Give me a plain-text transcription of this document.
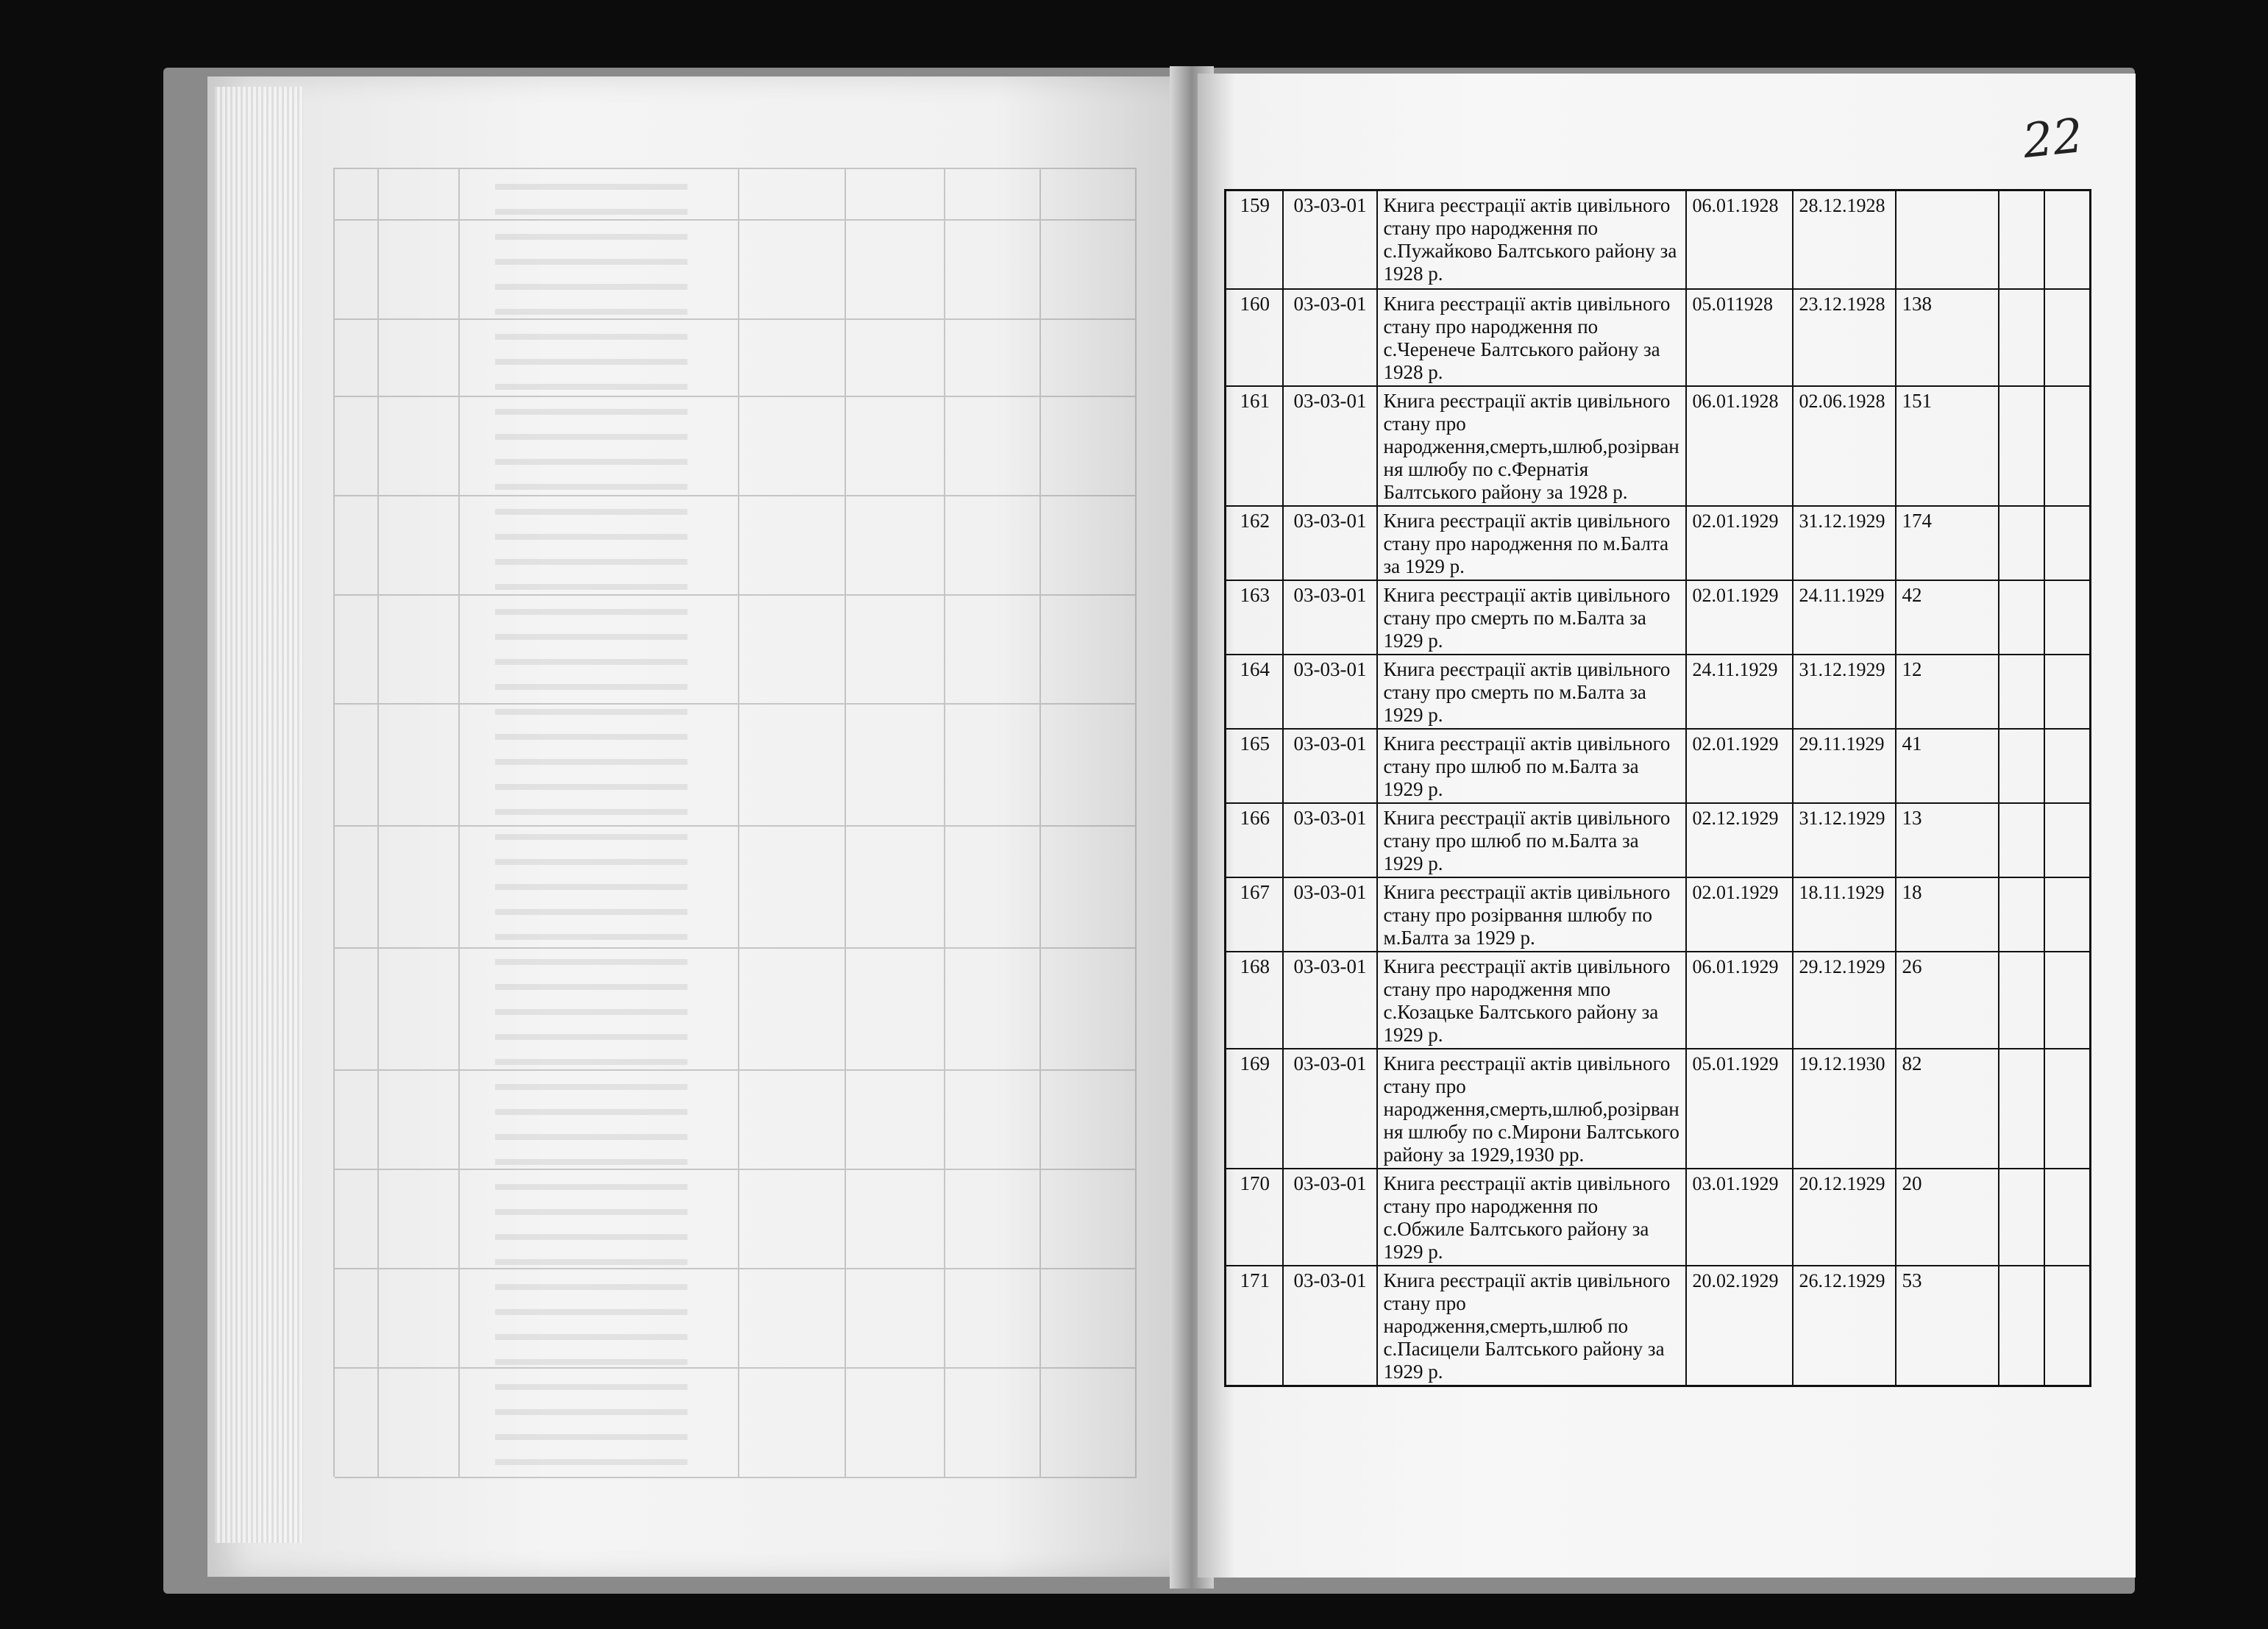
22
159	03-03-01	Книга реєстрації актів цивільного стану про народження по с.Пужайково Балтського району за 1928 р.	06.01.1928	28.12.1928			
160	03-03-01	Книга реєстрації актів цивільного стану про народження по с.Черенече Балтського району за 1928 р.	05.011928	23.12.1928	138		
161	03-03-01	Книга реєстрації актів цивільного стану про народження,смерть,шлюб,розірвання шлюбу по с.Фернатія Балтського району за 1928 р.	06.01.1928	02.06.1928	151		
162	03-03-01	Книга реєстрації актів цивільного стану про народження по м.Балта за 1929 р.	02.01.1929	31.12.1929	174		
163	03-03-01	Книга реєстрації актів цивільного стану про смерть по м.Балта за 1929 р.	02.01.1929	24.11.1929	42		
164	03-03-01	Книга реєстрації актів цивільного стану про смерть по м.Балта за 1929 р.	24.11.1929	31.12.1929	12		
165	03-03-01	Книга реєстрації актів цивільного стану про шлюб по м.Балта за 1929 р.	02.01.1929	29.11.1929	41		
166	03-03-01	Книга реєстрації актів цивільного стану про шлюб по м.Балта за 1929 р.	02.12.1929	31.12.1929	13		
167	03-03-01	Книга реєстрації актів цивільного стану про розірвання шлюбу по м.Балта за 1929 р.	02.01.1929	18.11.1929	18		
168	03-03-01	Книга реєстрації актів цивільного стану про народження мпо с.Козацьке Балтського району за 1929 р.	06.01.1929	29.12.1929	26		
169	03-03-01	Книга реєстрації актів цивільного стану про народження,смерть,шлюб,розірвання шлюбу по с.Мирони Балтського району за 1929,1930 рр.	05.01.1929	19.12.1930	82		
170	03-03-01	Книга реєстрації актів цивільного стану про народження по с.Обжиле Балтського району за 1929 р.	03.01.1929	20.12.1929	20		
171	03-03-01	Книга реєстрації актів цивільного стану про народження,смерть,шлюб по с.Пасицели Балтського району за 1929 р.	20.02.1929	26.12.1929	53		
